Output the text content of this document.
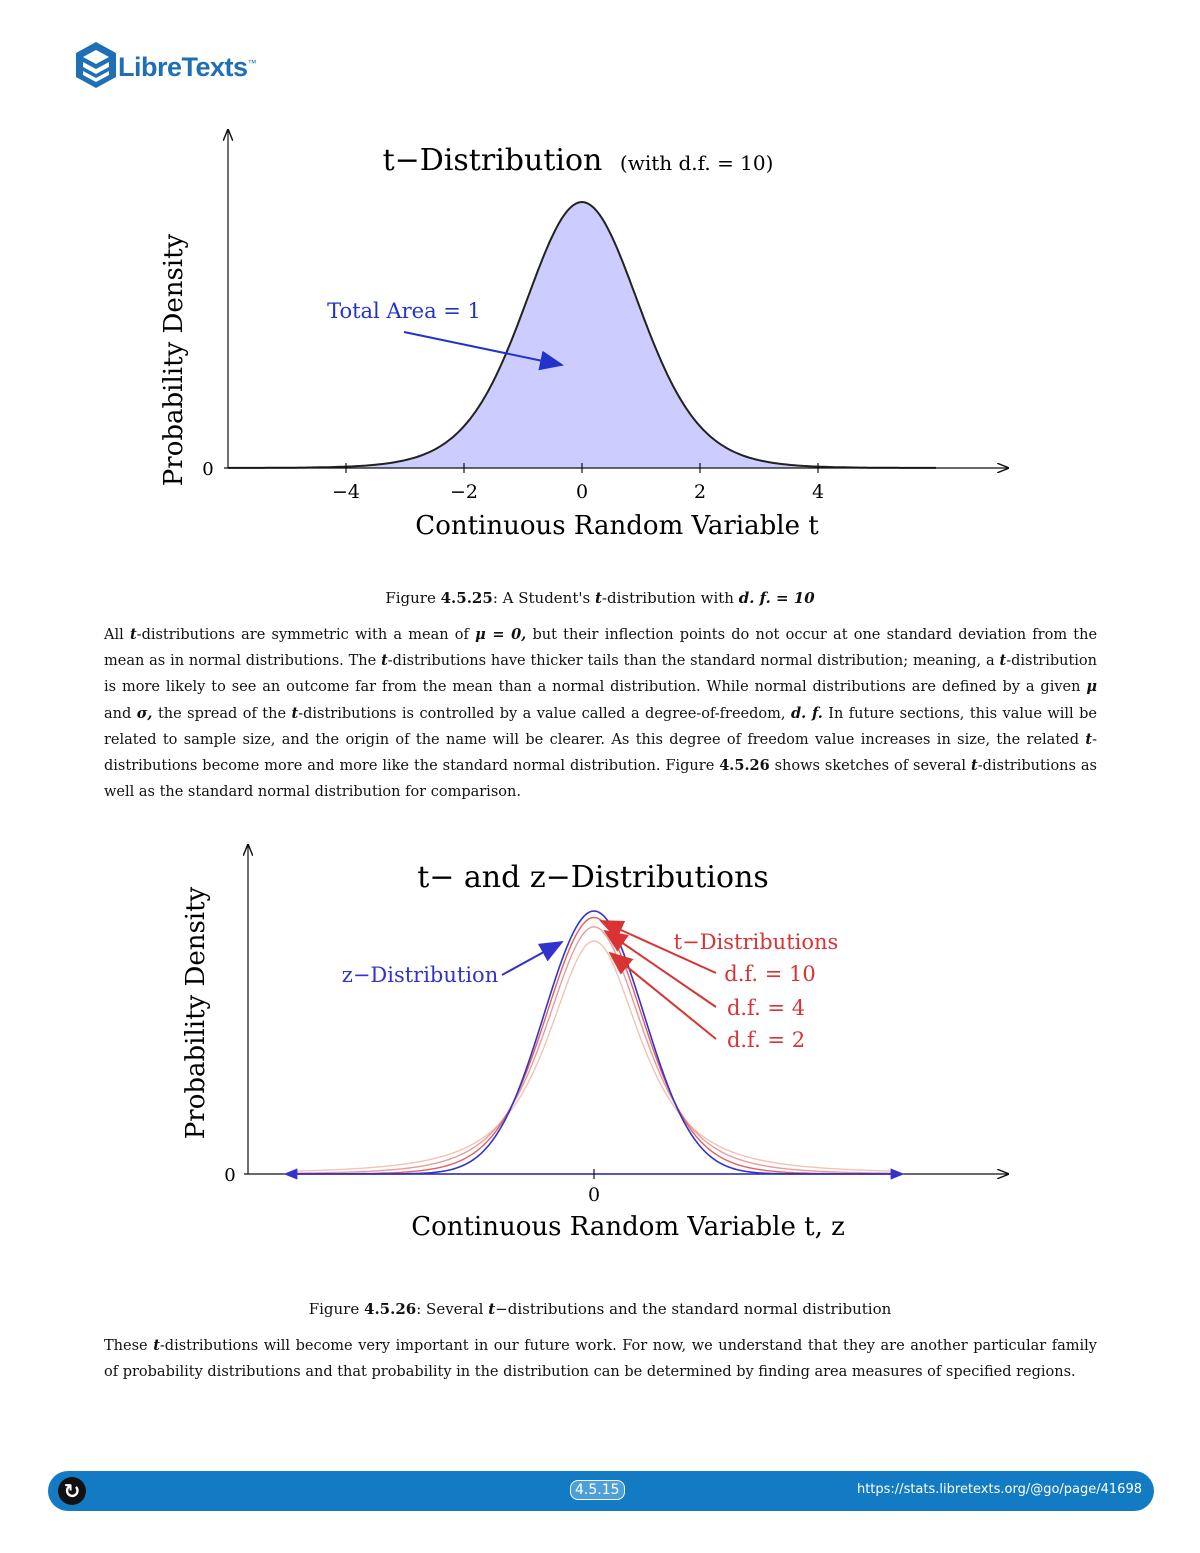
LibreTexts™
t−Distribution (with d.f. = 10)
−4	−2	0	2	4
0
Probability Density
Continuous Random Variable t
Total Area = 1
Figure 4.5.25: A Student's t-distribution with d. f. = 10
All t-distributions are symmetric with a mean of μ = 0, but their inflection points do not occur at one standard deviation from the mean as in normal distributions. The t-distributions have thicker tails than the standard normal distribution; meaning, a t-distribution is more likely to see an outcome far from the mean than a normal distribution. While normal distributions are defined by a given μ and σ, the spread of the t-distributions is controlled by a value called a degree-of-freedom, d. f. In future sections, this value will be related to sample size, and the origin of the name will be clearer. As this degree of freedom value increases in size, the related t-distributions become more and more like the standard normal distribution. Figure 4.5.26 shows sketches of several t-distributions as well as the standard normal distribution for comparison.
t− and z−Distributions
0
0
Probability Density
Continuous Random Variable t, z
z−Distribution
t−Distributions
d.f. = 10
d.f. = 4
d.f. = 2
Figure 4.5.26: Several t−distributions and the standard normal distribution
These t-distributions will become very important in our future work. For now, we understand that they are another particular family of probability distributions and that probability in the distribution can be determined by finding area measures of specified regions.
↻	4.5.15	https://stats.libretexts.org/@go/page/41698
